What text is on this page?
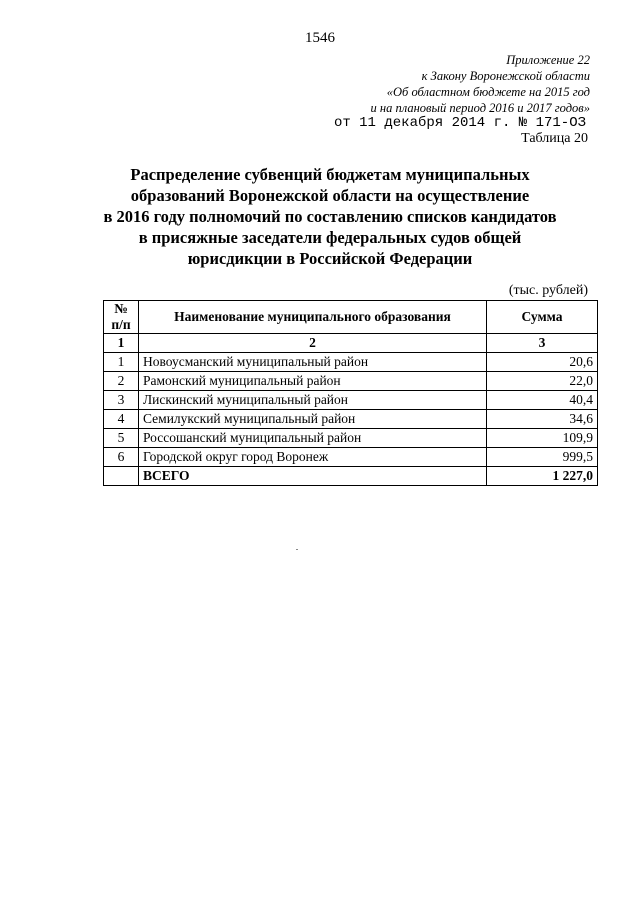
1546
Приложение 22
к Закону Воронежской области
«Об областном бюджете на 2015 год
и на плановый период 2016 и 2017 годов»
от 11 декабря 2014 г. № 171-ОЗ
Таблица 20
Распределение субвенций бюджетам муниципальных
образований Воронежской области на осуществление
в 2016 году полномочий по составлению списков кандидатов
в присяжные заседатели федеральных судов общей
юрисдикции в Российской Федерации
(тыс. рублей)
№
п/п	Наименование муниципального образования	Сумма
1	2	3
1	Новоусманский муниципальный район	20,6
2	Рамонский муниципальный район	22,0
3	Лискинский муниципальный район	40,4
4	Семилукский муниципальный район	34,6
5	Россошанский муниципальный район	109,9
6	Городской округ город Воронеж	999,5
	ВСЕГО	1 227,0
